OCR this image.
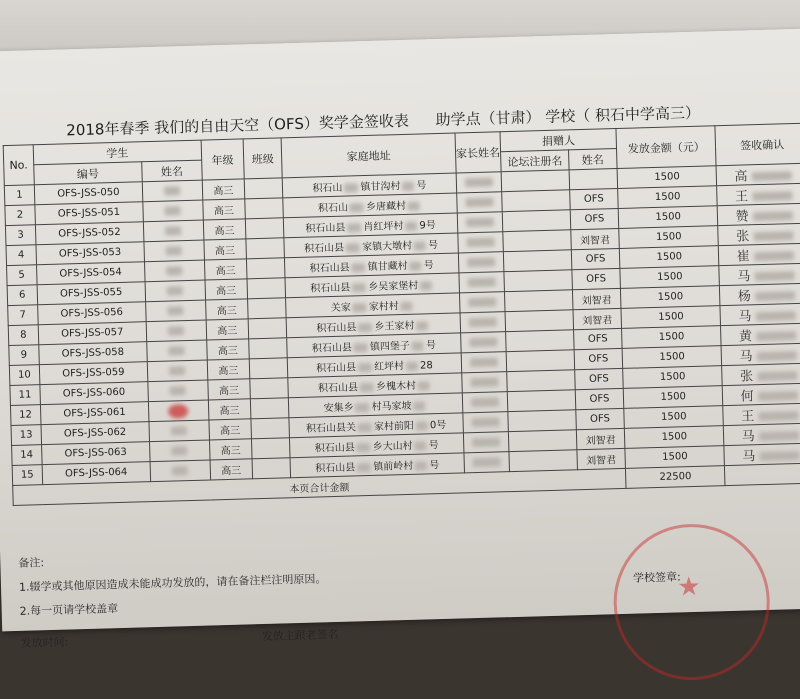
2018年春季 我们的自由天空（OFS）奖学金签收表 助学点（甘肃） 学校（ 积石中学高三）
No.	学生		年级	班级	家庭地址	家长姓名	捐赠人		发放金额（元）	签收确认
	编号	姓名					论坛注册名	姓名		
1	OFS-JSS-050		高三		积石山 镇甘沟村 号				1500	高
2	OFS-JSS-051		高三		积石山 乡唐藏村			OFS	1500	王
3	OFS-JSS-052		高三		积石山县 肖红坪村 9号			OFS	1500	赞
4	OFS-JSS-053		高三		积石山县 家镇大墩村 号			刘智君	1500	张
5	OFS-JSS-054		高三		积石山县 镇甘藏村 号			OFS	1500	崔
6	OFS-JSS-055		高三		积石山县 乡吴家堡村			OFS	1500	马
7	OFS-JSS-056		高三		关家 家村村			刘智君	1500	杨
8	OFS-JSS-057		高三		积石山县 乡王家村			刘智君	1500	马
9	OFS-JSS-058		高三		积石山县 镇四堡子 号			OFS	1500	黄
10	OFS-JSS-059		高三		积石山县 红坪村 28			OFS	1500	马
11	OFS-JSS-060		高三		积石山县 乡槐木村			OFS	1500	张
12	OFS-JSS-061		高三		安集乡 村马家坡			OFS	1500	何
13	OFS-JSS-062		高三		积石山县关 家村前阳 0号			OFS	1500	王
14	OFS-JSS-063		高三		积石山县 乡大山村 号			刘智君	1500	马
15	OFS-JSS-064		高三		积石山县 镇前岭村 号			刘智君	1500	马
本页合计金额									22500	
备注:
1.辍学或其他原因造成未能成功发放的，请在备注栏注明原因。
2.每一页请学校盖章
学校签章:
★
发放时间:	发放主跟老签名
